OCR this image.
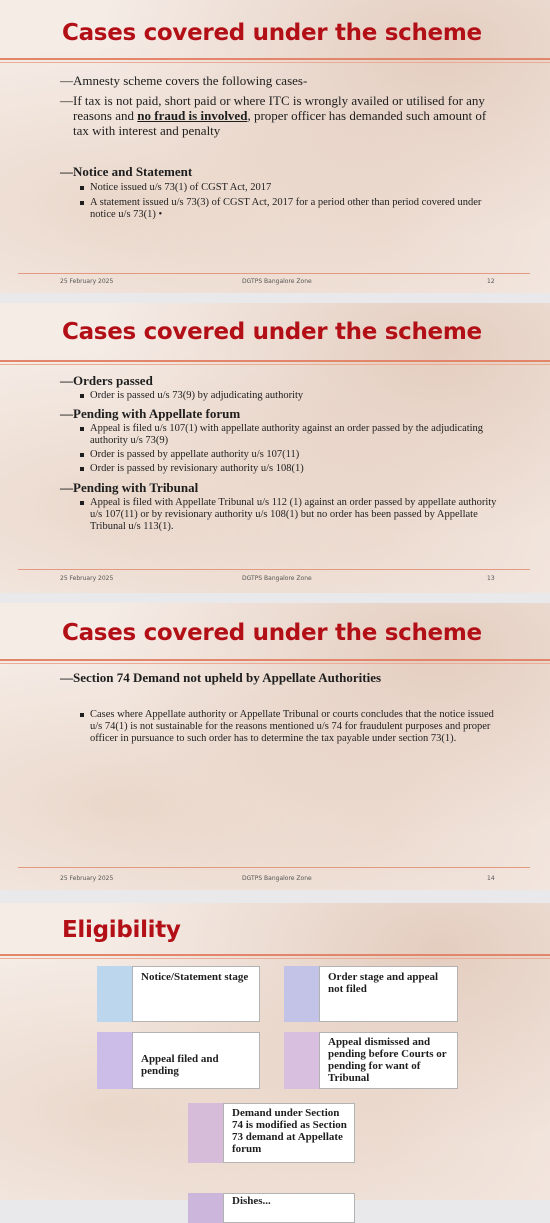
Cases covered under the scheme

— Amnesty scheme covers the following cases-

— If tax is not paid, short paid or where ITC is wrongly availed or utilised for any reasons and no fraud is involved, proper officer has demanded such amount of tax with interest and penalty

— Notice and Statement

Notice issued u/s 73(1) of CGST Act, 2017

A statement issued u/s 73(3) of CGST Act, 2017 for a period other than period covered under notice u/s 73(1) •

25 February 2025	DGTPS Bangalore Zone	12
Cases covered under the scheme

— Orders passed

Order is passed u/s 73(9) by adjudicating authority

— Pending with Appellate forum

Appeal is filed u/s 107(1) with appellate authority against an order passed by the adjudicating authority u/s 73(9)

Order is passed by appellate authority u/s 107(11)

Order is passed by revisionary authority u/s 108(1)

— Pending with Tribunal

Appeal is filed with Appellate Tribunal u/s 112 (1) against an order passed by appellate authority u/s 107(11) or by revisionary authority u/s 108(1) but no order has been passed by Appellate Tribunal u/s 113(1).

25 February 2025	DGTPS Bangalore Zone	13
Cases covered under the scheme

— Section 74 Demand not upheld by Appellate Authorities

Cases where Appellate authority or Appellate Tribunal or courts concludes that the notice issued u/s 74(1) is not sustainable for the reasons mentioned u/s 74 for fraudulent purposes and proper officer in pursuance to such order has to determine the tax payable under section 73(1).

25 February 2025	DGTPS Bangalore Zone	14
Eligibility
Notice/Statement stage	Order stage and appeal not filed
Appeal filed and pending
Appeal dismissed and pending before Courts or pending for want of Tribunal
Demand under Section 74 is modified as Section 73 demand at Appellate forum
Dishes...
